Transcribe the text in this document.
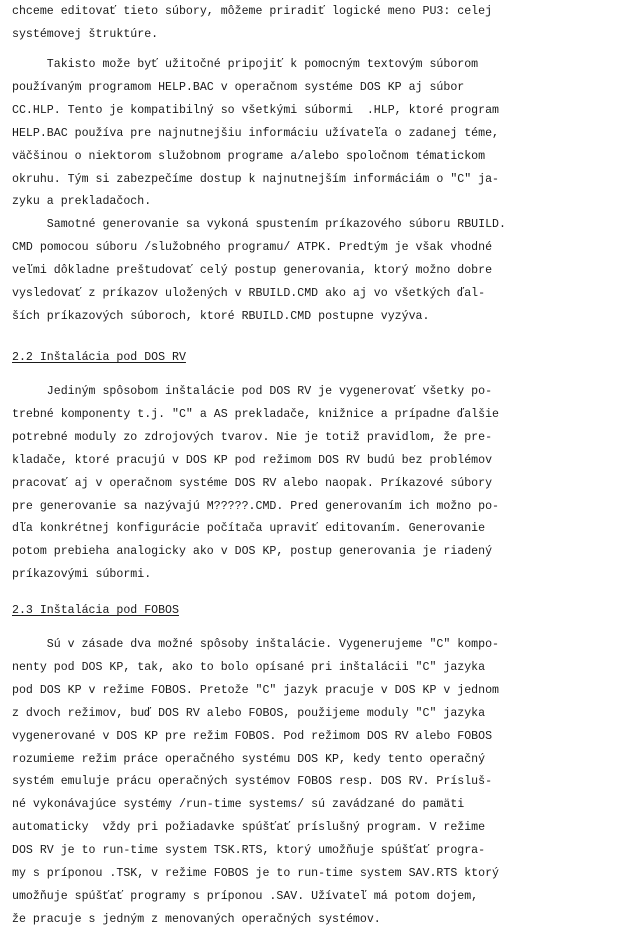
chceme editovať tieto súbory, môžeme priradiť logické meno PU3: celej
systémovej štruktúre.
Takisto može byť užitočné pripojiť k pomocným textovým súborom
používaným programom HELP.BAC v operačnom systéme DOS KP aj súbor
CC.HLP. Tento je kompatibilný so všetkými súbormi  .HLP, ktoré program
HELP.BAC používa pre najnutnejšiu informáciu užívateľa o zadanej téme,
väčšinou o niektorom služobnom programe a/alebo spoločnom tématickom
okruhu. Tým si zabezpečíme dostup k najnutnejším informáciám o "C" ja-
zyku a prekladačoch.
Samotné generovanie sa vykoná spustením príkazového súboru RBUILD.
CMD pomocou súboru /služobného programu/ ATPK. Predtým je však vhodné
veľmi dôkladne preštudovať celý postup generovania, ktorý možno dobre
vysledovať z príkazov uložených v RBUILD.CMD ako aj vo všetkých ďal-
ších príkazových súboroch, ktoré RBUILD.CMD postupne vyzýva.
2.2 Inštalácia pod DOS RV
Jediným spôsobom inštalácie pod DOS RV je vygenerovať všetky po-
trebné komponenty t.j. "C" a AS prekladače, knižnice a prípadne ďalšie
potrebné moduly zo zdrojových tvarov. Nie je totiž pravidlom, že pre-
kladače, ktoré pracujú v DOS KP pod režimom DOS RV budú bez problémov
pracovať aj v operačnom systéme DOS RV alebo naopak. Príkazové súbory
pre generovanie sa nazývajú M?????.CMD. Pred generovaním ich možno po-
dľa konkrétnej konfigurácie počítača upraviť editovaním. Generovanie
potom prebieha analogicky ako v DOS KP, postup generovania je riadený
príkazovými súbormi.
2.3 Inštalácia pod FOBOS
Sú v zásade dva možné spôsoby inštalácie. Vygenerujeme "C" kompo-
nenty pod DOS KP, tak, ako to bolo opísané pri inštalácii "C" jazyka
pod DOS KP v režime FOBOS. Pretože "C" jazyk pracuje v DOS KP v jednom
z dvoch režimov, buď DOS RV alebo FOBOS, použijeme moduly "C" jazyka
vygenerované v DOS KP pre režim FOBOS. Pod režimom DOS RV alebo FOBOS
rozumieme režim práce operačného systému DOS KP, kedy tento operačný
systém emuluje prácu operačných systémov FOBOS resp. DOS RV. Prísluš-
né vykonávajúce systémy /run-time systems/ sú zavádzané do pamäti
automaticky  vždy pri požiadavke spúšťať príslušný program. V režime
DOS RV je to run-time system TSK.RTS, ktorý umožňuje spúšťať progra-
my s príponou .TSK, v režime FOBOS je to run-time system SAV.RTS ktorý
umožňuje spúšťať programy s príponou .SAV. Užívateľ má potom dojem,
že pracuje s jedným z menovaných operačných systémov.
